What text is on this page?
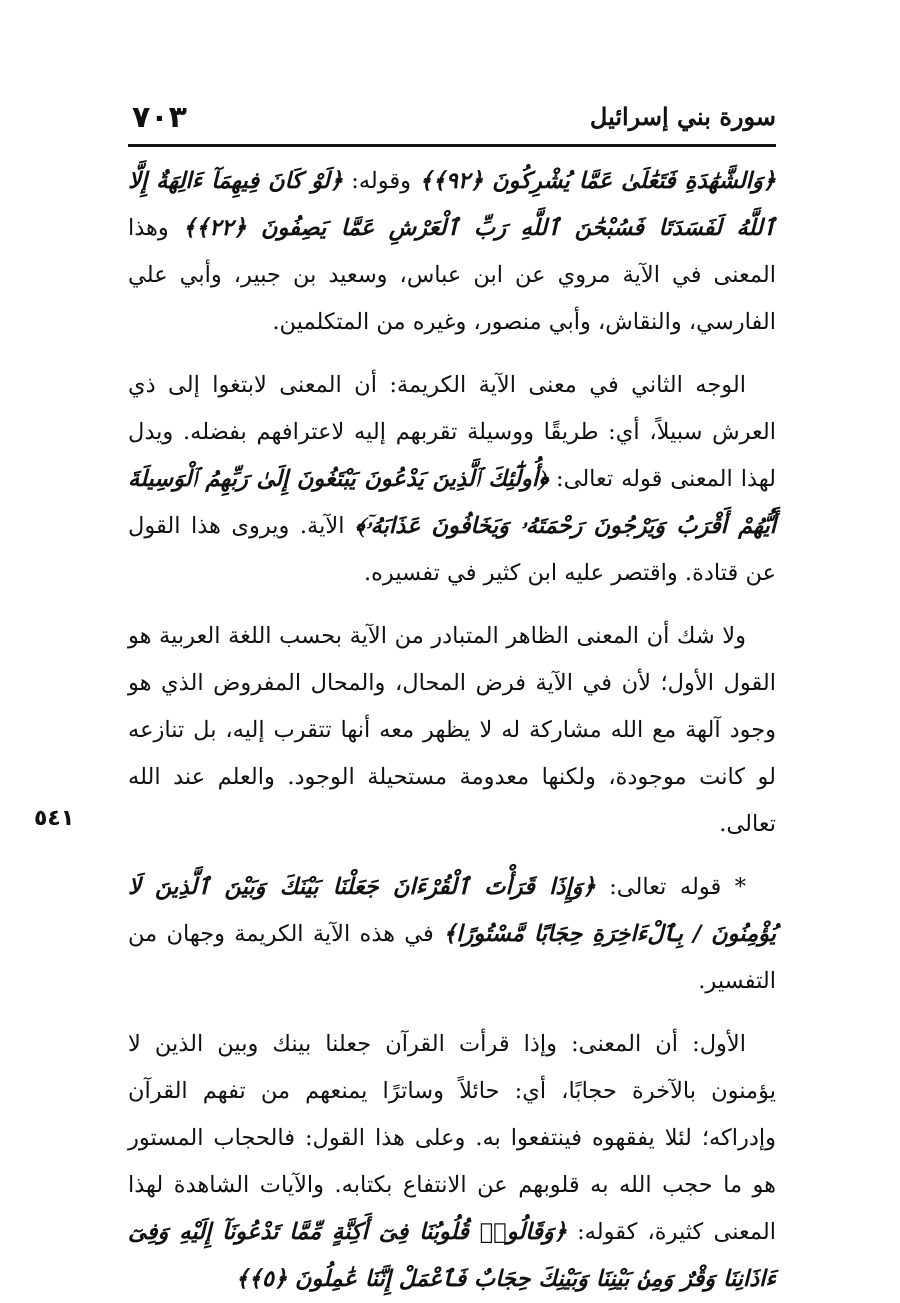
٧٠٣	سورة بني إسرائيل
٥٤١

﴿وَالشَّهَٰدَةِ فَتَعَٰلَىٰ عَمَّا يُشْرِكُونَ ﴿٩٢﴾﴾ وقوله: ﴿لَوْ كَانَ فِيهِمَآ ءَالِهَةٌ إِلَّا ٱللَّهُ لَفَسَدَتَا فَسُبْحَٰنَ ٱللَّهِ رَبِّ ٱلْعَرْشِ عَمَّا يَصِفُونَ ﴿٢٢﴾﴾ وهذا المعنى في الآية مروي عن ابن عباس، وسعيد بن جبير، وأبي علي الفارسي، والنقاش، وأبي منصور، وغيره من المتكلمين.

الوجه الثاني في معنى الآية الكريمة: أن المعنى لابتغوا إلى ذي العرش سبيلاً، أي: طريقًا ووسيلة تقربهم إليه لاعترافهم بفضله. ويدل لهذا المعنى قوله تعالى: ﴿أُولَٰٓئِكَ ٱلَّذِينَ يَدْعُونَ يَبْتَغُونَ إِلَىٰ رَبِّهِمُ ٱلْوَسِيلَةَ أَيُّهُمْ أَقْرَبُ وَيَرْجُونَ رَحْمَتَهُۥ وَيَخَافُونَ عَذَابَهُۥٓ﴾ الآية. ويروى هذا القول عن قتادة. واقتصر عليه ابن كثير في تفسيره.

ولا شك أن المعنى الظاهر المتبادر من الآية بحسب اللغة العربية هو القول الأول؛ لأن في الآية فرض المحال، والمحال المفروض الذي هو وجود آلهة مع الله مشاركة له لا يظهر معه أنها تتقرب إليه، بل تنازعه لو كانت موجودة، ولكنها معدومة مستحيلة الوجود. والعلم عند الله تعالى.

* قوله تعالى: ﴿وَإِذَا قَرَأْتَ ٱلْقُرْءَانَ جَعَلْنَا بَيْنَكَ وَبَيْنَ ٱلَّذِينَ لَا يُؤْمِنُونَ / بِٱلْءَاخِرَةِ حِجَابًا مَّسْتُورًا﴾ في هذه الآية الكريمة وجهان من التفسير.

الأول: أن المعنى: وإذا قرأت القرآن جعلنا بينك وبين الذين لا يؤمنون بالآخرة حجابًا، أي: حائلاً وساترًا يمنعهم من تفهم القرآن وإدراكه؛ لئلا يفقهوه فينتفعوا به. وعلى هذا القول: فالحجاب المستور هو ما حجب الله به قلوبهم عن الانتفاع بكتابه. والآيات الشاهدة لهذا المعنى كثيرة، كقوله: ﴿وَقَالُوا۟ قُلُوبُنَا فِىٓ أَكِنَّةٍ مِّمَّا تَدْعُونَآ إِلَيْهِ وَفِىٓ ءَاذَانِنَا وَقْرٌ وَمِنۢ بَيْنِنَا وَبَيْنِكَ حِجَابٌ فَٱعْمَلْ إِنَّنَا عَٰمِلُونَ ﴿٥﴾﴾
